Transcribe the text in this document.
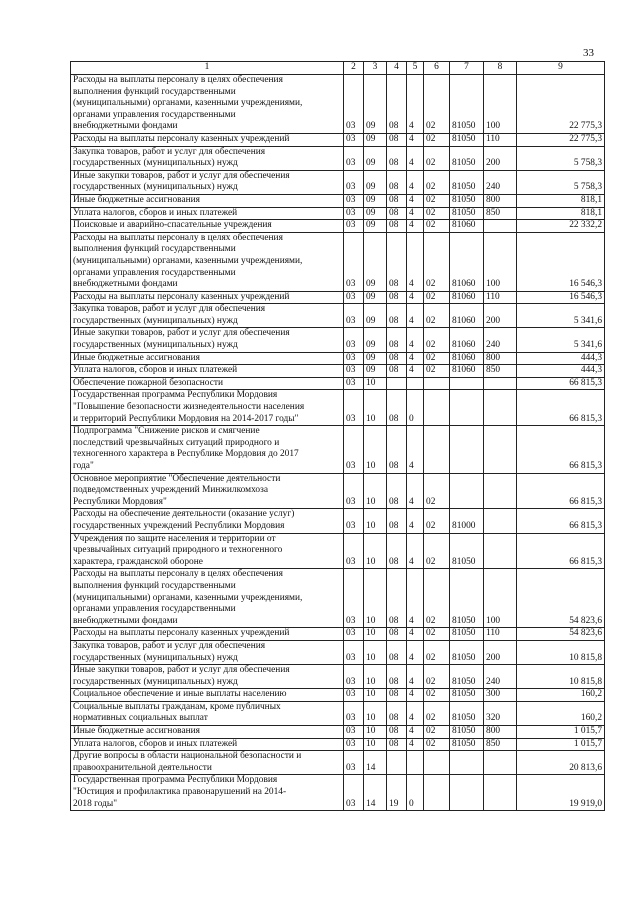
33
1	2	3	4	5	6	7	8	9
Расходы на выплаты персоналу в целях обеспечения
выполнения функций государственными
(муниципальными) органами, казенными учреждениями,
органами управления государственными
внебюджетными фондами	03	09	08	4	02	81050	100	22 775,3
Расходы на выплаты персоналу казенных учреждений	03	09	08	4	02	81050	110	22 775,3
Закупка товаров, работ и услуг для обеспечения
государственных (муниципальных) нужд	03	09	08	4	02	81050	200	5 758,3
Иные закупки товаров, работ и услуг для обеспечения
государственных (муниципальных) нужд	03	09	08	4	02	81050	240	5 758,3
Иные бюджетные ассигнования	03	09	08	4	02	81050	800	818,1
Уплата налогов, сборов и иных платежей	03	09	08	4	02	81050	850	818,1
Поисковые и аварийно-спасательные учреждения	03	09	08	4	02	81060		22 332,2
Расходы на выплаты персоналу в целях обеспечения
выполнения функций государственными
(муниципальными) органами, казенными учреждениями,
органами управления государственными
внебюджетными фондами	03	09	08	4	02	81060	100	16 546,3
Расходы на выплаты персоналу казенных учреждений	03	09	08	4	02	81060	110	16 546,3
Закупка товаров, работ и услуг для обеспечения
государственных (муниципальных) нужд	03	09	08	4	02	81060	200	5 341,6
Иные закупки товаров, работ и услуг для обеспечения
государственных (муниципальных) нужд	03	09	08	4	02	81060	240	5 341,6
Иные бюджетные ассигнования	03	09	08	4	02	81060	800	444,3
Уплата налогов, сборов и иных платежей	03	09	08	4	02	81060	850	444,3
Обеспечение пожарной безопасности	03	10						66 815,3
Государственная программа Республики Мордовия
"Повышение безопасности жизнедеятельности населения
и территорий Республики Мордовия на 2014-2017 годы"	03	10	08	0				66 815,3
Подпрограмма "Снижение рисков и смягчение
последствий чрезвычайных ситуаций природного и
техногенного характера в Республике Мордовия до 2017
года"	03	10	08	4				66 815,3
Основное мероприятие "Обеспечение деятельности
подведомственных учреждений Минжилкомхоза
Республики Мордовия"	03	10	08	4	02			66 815,3
Расходы на обеспечение деятельности (оказание услуг)
государственных учреждений Республики Мордовия	03	10	08	4	02	81000		66 815,3
Учреждения по защите населения и территории от
чрезвычайных ситуаций природного и техногенного
характера, гражданской обороне	03	10	08	4	02	81050		66 815,3
Расходы на выплаты персоналу в целях обеспечения
выполнения функций государственными
(муниципальными) органами, казенными учреждениями,
органами управления государственными
внебюджетными фондами	03	10	08	4	02	81050	100	54 823,6
Расходы на выплаты персоналу казенных учреждений	03	10	08	4	02	81050	110	54 823,6
Закупка товаров, работ и услуг для обеспечения
государственных (муниципальных) нужд	03	10	08	4	02	81050	200	10 815,8
Иные закупки товаров, работ и услуг для обеспечения
государственных (муниципальных) нужд	03	10	08	4	02	81050	240	10 815,8
Социальное обеспечение и иные выплаты населению	03	10	08	4	02	81050	300	160,2
Социальные выплаты гражданам, кроме публичных
нормативных социальных выплат	03	10	08	4	02	81050	320	160,2
Иные бюджетные ассигнования	03	10	08	4	02	81050	800	1 015,7
Уплата налогов, сборов и иных платежей	03	10	08	4	02	81050	850	1 015,7
Другие вопросы в области национальной безопасности и
правоохранительной деятельности	03	14						20 813,6
Государственная программа Республики Мордовия
"Юстиция и профилактика правонарушений на 2014-
2018 годы"	03	14	19	0				19 919,0
